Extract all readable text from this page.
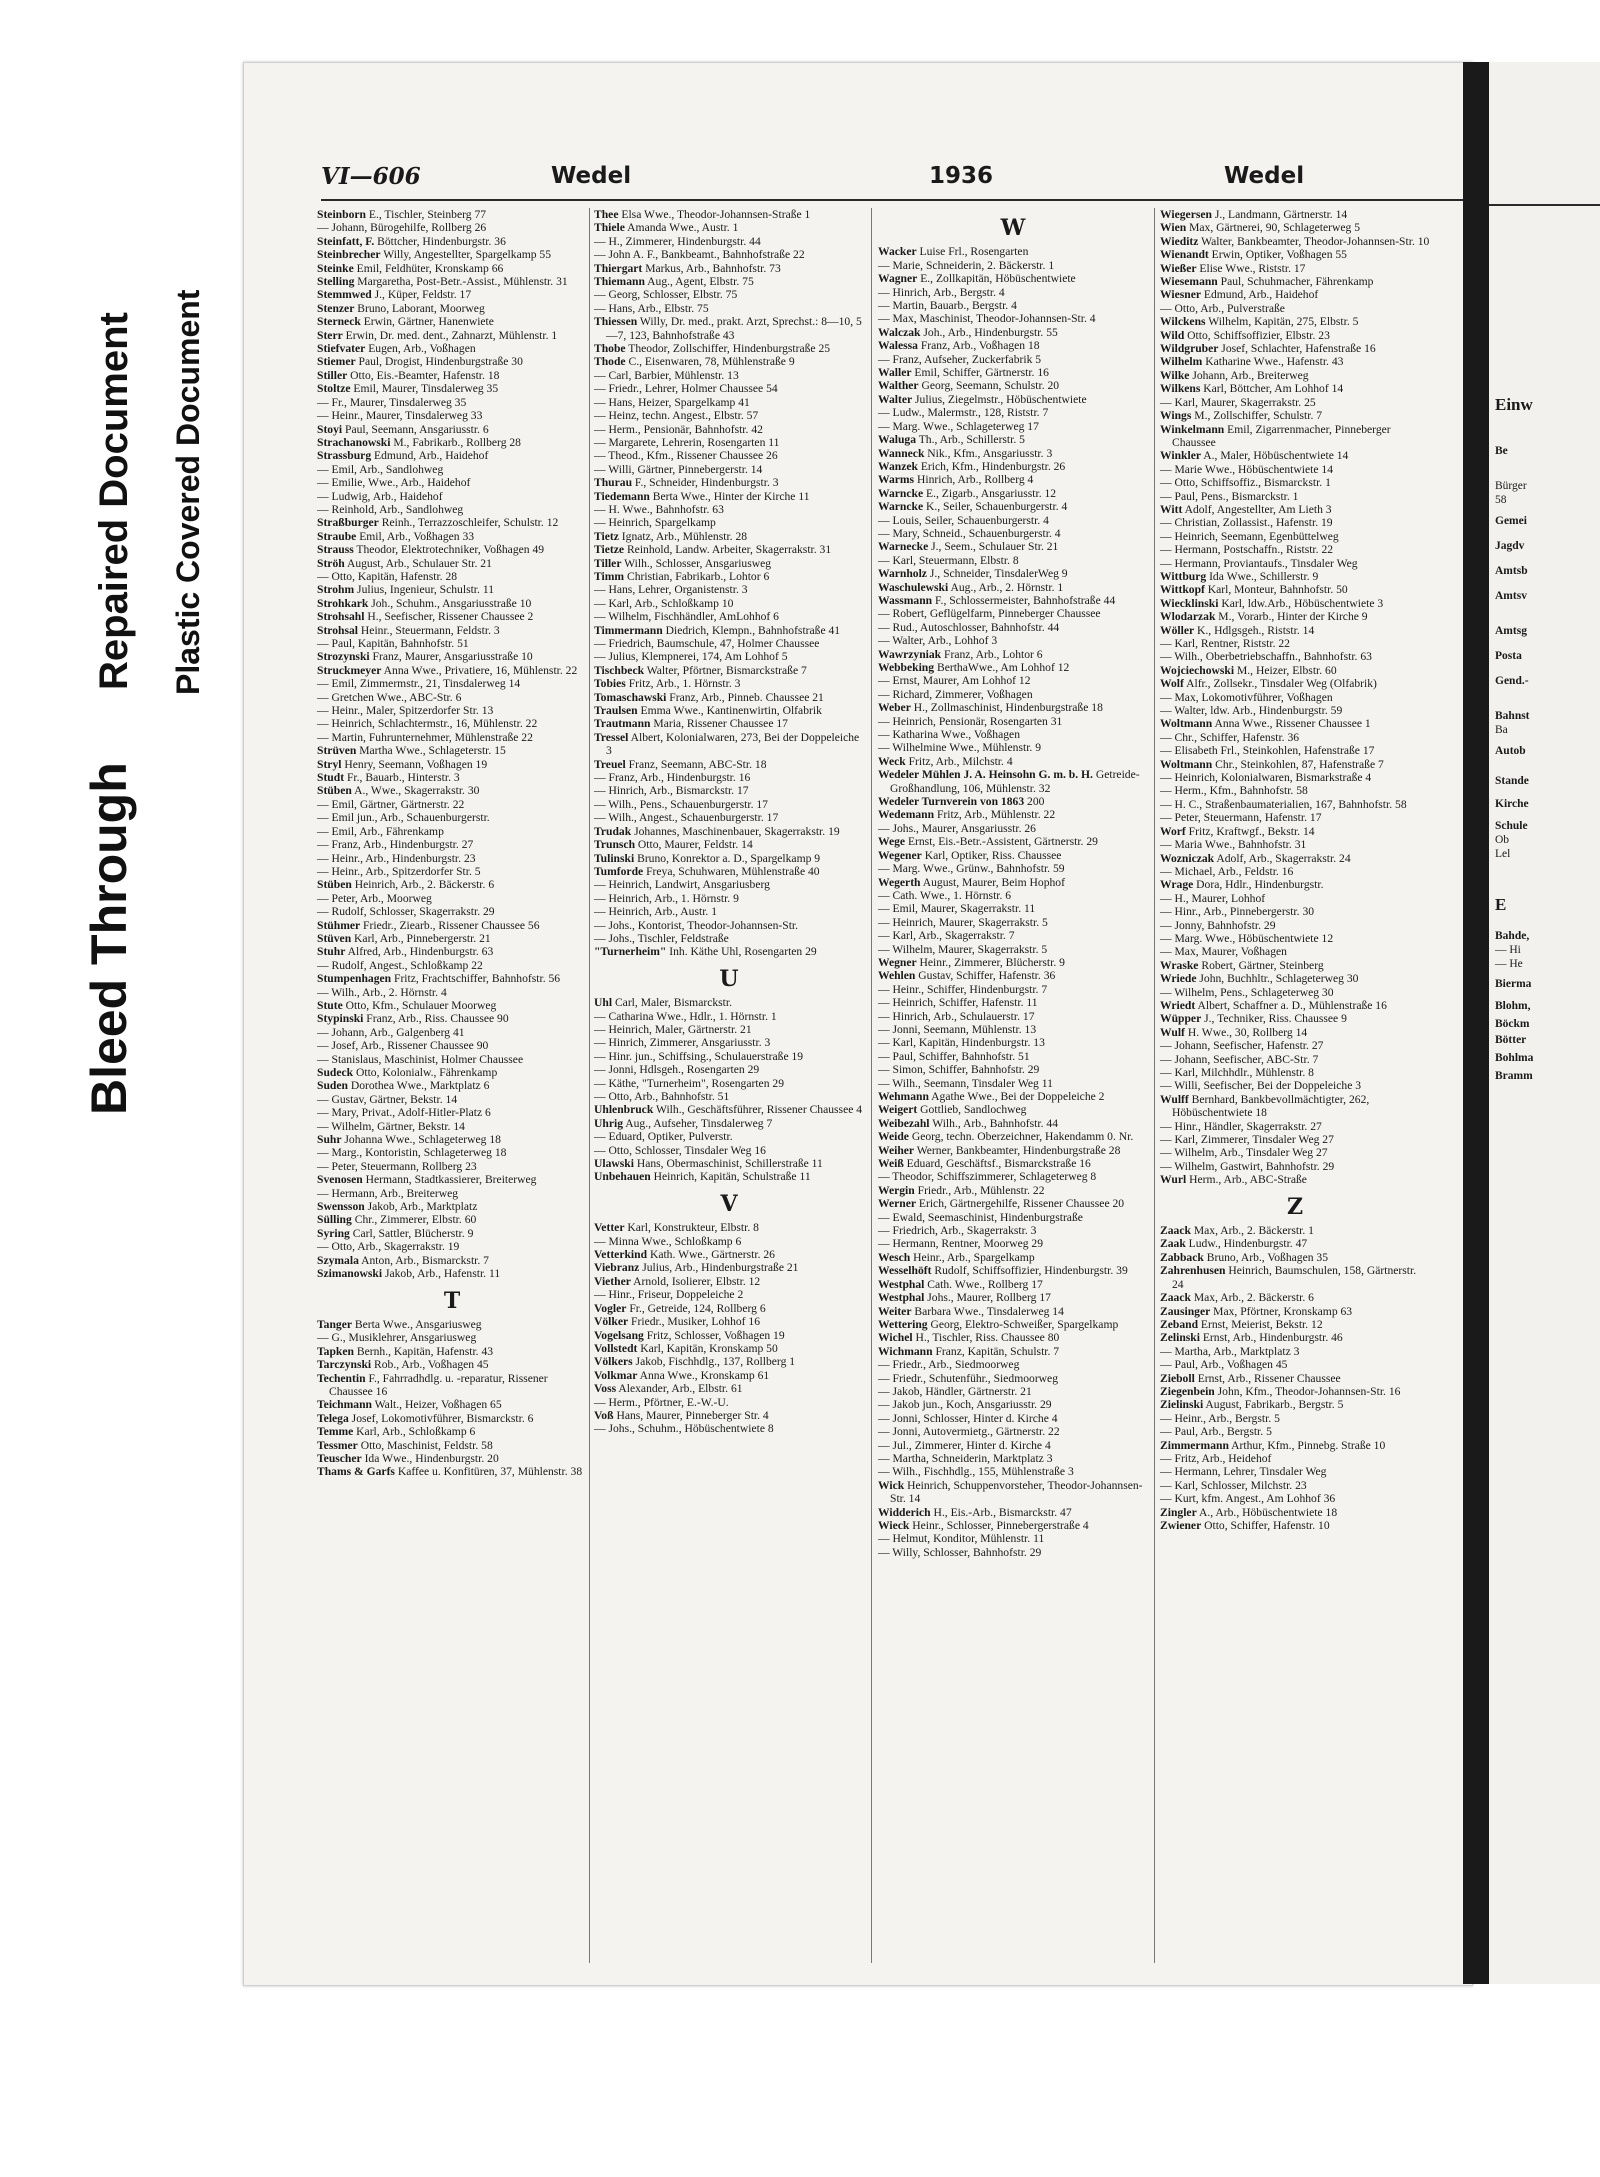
Bleed Through
Repaired Document Plastic Covered Document
VI—606	Wedel	1936	Wedel

Steinborn E., Tischler, Steinberg 77

— Johann, Bürogehilfe, Rollberg 26

Steinfatt, F. Böttcher, Hindenburgstr. 36

Steinbrecher Willy, Angestellter, Spargelkamp 55

Steinke Emil, Feldhüter, Kronskamp 66

Stelling Margaretha, Post-Betr.-Assist., Mühlenstr. 31

Stemmwed J., Küper, Feldstr. 17

Stenzer Bruno, Laborant, Moorweg

Sterneck Erwin, Gärtner, Hanenwiete

Sterr Erwin, Dr. med. dent., Zahnarzt, Mühlenstr. 1

Stiefvater Eugen, Arb., Voßhagen

Stiemer Paul, Drogist, Hindenburgstraße 30

Stiller Otto, Eis.-Beamter, Hafenstr. 18

Stoltze Emil, Maurer, Tinsdalerweg 35

— Fr., Maurer, Tinsdalerweg 35

— Heinr., Maurer, Tinsdalerweg 33

Stoyi Paul, Seemann, Ansgariusstr. 6

Strachanowski M., Fabrikarb., Rollberg 28

Strassburg Edmund, Arb., Haidehof

— Emil, Arb., Sandlohweg

— Emilie, Wwe., Arb., Haidehof

— Ludwig, Arb., Haidehof

— Reinhold, Arb., Sandlohweg

Straßburger Reinh., Terrazzoschleifer, Schulstr. 12

Straube Emil, Arb., Voßhagen 33

Strauss Theodor, Elektrotechniker, Voßhagen 49

Ströh August, Arb., Schulauer Str. 21

— Otto, Kapitän, Hafenstr. 28

Strohm Julius, Ingenieur, Schulstr. 11

Strohkark Joh., Schuhm., Ansgariusstraße 10

Strohsahl H., Seefischer, Rissener Chaussee 2

Strohsal Heinr., Steuermann, Feldstr. 3

— Paul, Kapitän, Bahnhofstr. 51

Strozynski Franz, Maurer, Ansgariusstraße 10

Struckmeyer Anna Wwe., Privatiere, 16, Mühlenstr. 22

— Emil, Zimmermstr., 21, Tinsdalerweg 14

— Gretchen Wwe., ABC-Str. 6

— Heinr., Maler, Spitzerdorfer Str. 13

— Heinrich, Schlachtermstr., 16, Mühlenstr. 22

— Martin, Fuhrunternehmer, Mühlenstraße 22

Strüven Martha Wwe., Schlageterstr. 15

Stryl Henry, Seemann, Voßhagen 19

Studt Fr., Bauarb., Hinterstr. 3

Stüben A., Wwe., Skagerrakstr. 30

— Emil, Gärtner, Gärtnerstr. 22

— Emil jun., Arb., Schauenburgerstr.

— Emil, Arb., Fährenkamp

— Franz, Arb., Hindenburgstr. 27

— Heinr., Arb., Hindenburgstr. 23

— Heinr., Arb., Spitzerdorfer Str. 5

Stüben Heinrich, Arb., 2. Bäckerstr. 6

— Peter, Arb., Moorweg

— Rudolf, Schlosser, Skagerrakstr. 29

Stühmer Friedr., Ziearb., Rissener Chaussee 56

Stüven Karl, Arb., Pinnebergerstr. 21

Stuhr Alfred, Arb., Hindenburgstr. 63

— Rudolf, Angest., Schloßkamp 22

Stumpenhagen Fritz, Frachtschiffer, Bahnhofstr. 56

— Wilh., Arb., 2. Hörnstr. 4

Stute Otto, Kfm., Schulauer Moorweg

Stypinski Franz, Arb., Riss. Chaussee 90

— Johann, Arb., Galgenberg 41

— Josef, Arb., Rissener Chaussee 90

— Stanislaus, Maschinist, Holmer Chaussee

Sudeck Otto, Kolonialw., Fährenkamp

Suden Dorothea Wwe., Marktplatz 6

— Gustav, Gärtner, Bekstr. 14

— Mary, Privat., Adolf-Hitler-Platz 6

— Wilhelm, Gärtner, Bekstr. 14

Suhr Johanna Wwe., Schlageterweg 18

— Marg., Kontoristin, Schlageterweg 18

— Peter, Steuermann, Rollberg 23

Svenosen Hermann, Stadtkassierer, Breiterweg

— Hermann, Arb., Breiterweg

Swensson Jakob, Arb., Marktplatz

Sülling Chr., Zimmerer, Elbstr. 60

Syring Carl, Sattler, Blücherstr. 9

— Otto, Arb., Skagerrakstr. 19

Szymala Anton, Arb., Bismarckstr. 7

Szimanowski Jakob, Arb., Hafenstr. 11

T

Tanger Berta Wwe., Ansgariusweg

— G., Musiklehrer, Ansgariusweg

Tapken Bernh., Kapitän, Hafenstr. 43

Tarczynski Rob., Arb., Voßhagen 45

Techentin F., Fahrradhdlg. u. -reparatur, Rissener Chaussee 16

Teichmann Walt., Heizer, Voßhagen 65

Telega Josef, Lokomotivführer, Bismarckstr. 6

Temme Karl, Arb., Schloßkamp 6

Tessmer Otto, Maschinist, Feldstr. 58

Teuscher Ida Wwe., Hindenburgstr. 20

Thams & Garfs Kaffee u. Konfitüren, 37, Mühlenstr. 38

Thee Elsa Wwe., Theodor-Johannsen-Straße 1

Thiele Amanda Wwe., Austr. 1

— H., Zimmerer, Hindenburgstr. 44

— John A. F., Bankbeamt., Bahnhofstraße 22

Thiergart Markus, Arb., Bahnhofstr. 73

Thiemann Aug., Agent, Elbstr. 75

— Georg, Schlosser, Elbstr. 75

— Hans, Arb., Elbstr. 75

Thiessen Willy, Dr. med., prakt. Arzt, Sprechst.: 8—10, 5—7, 123, Bahnhofstraße 43

Thobe Theodor, Zollschiffer, Hindenburgstraße 25

Thode C., Eisenwaren, 78, Mühlenstraße 9

— Carl, Barbier, Mühlenstr. 13

— Friedr., Lehrer, Holmer Chaussee 54

— Hans, Heizer, Spargelkamp 41

— Heinz, techn. Angest., Elbstr. 57

— Herm., Pensionär, Bahnhofstr. 42

— Margarete, Lehrerin, Rosengarten 11

— Theod., Kfm., Rissener Chaussee 26

— Willi, Gärtner, Pinnebergerstr. 14

Thurau F., Schneider, Hindenburgstr. 3

Tiedemann Berta Wwe., Hinter der Kirche 11

— H. Wwe., Bahnhofstr. 63

— Heinrich, Spargelkamp

Tietz Ignatz, Arb., Mühlenstr. 28

Tietze Reinhold, Landw. Arbeiter, Skagerrakstr. 31

Tiller Wilh., Schlosser, Ansgariusweg

Timm Christian, Fabrikarb., Lohtor 6

— Hans, Lehrer, Organistenstr. 3

— Karl, Arb., Schloßkamp 10

— Wilhelm, Fischhändler, AmLohhof 6

Timmermann Diedrich, Klempn., Bahnhofstraße 41

— Friedrich, Baumschule, 47, Holmer Chaussee

— Julius, Klempnerei, 174, Am Lohhof 5

Tischbeck Walter, Pförtner, Bismarckstraße 7

Tobies Fritz, Arb., 1. Hörnstr. 3

Tomaschawski Franz, Arb., Pinneb. Chaussee 21

Traulsen Emma Wwe., Kantinenwirtin, Olfabrik

Trautmann Maria, Rissener Chaussee 17

Tressel Albert, Kolonialwaren, 273, Bei der Doppeleiche 3

Treuel Franz, Seemann, ABC-Str. 18

— Franz, Arb., Hindenburgstr. 16

— Hinrich, Arb., Bismarckstr. 17

— Wilh., Pens., Schauenburgerstr. 17

— Wilh., Angest., Schauenburgerstr. 17

Trudak Johannes, Maschinenbauer, Skagerrakstr. 19

Trunsch Otto, Maurer, Feldstr. 14

Tulinski Bruno, Konrektor a. D., Spargelkamp 9

Tumforde Freya, Schuhwaren, Mühlenstraße 40

— Heinrich, Landwirt, Ansgariusberg

— Heinrich, Arb., 1. Hörnstr. 9

— Heinrich, Arb., Austr. 1

— Johs., Kontorist, Theodor-Johannsen-Str.

— Johs., Tischler, Feldstraße

"Turnerheim" Inh. Käthe Uhl, Rosengarten 29

U

Uhl Carl, Maler, Bismarckstr.

— Catharina Wwe., Hdlr., 1. Hörnstr. 1

— Heinrich, Maler, Gärtnerstr. 21

— Hinrich, Zimmerer, Ansgariusstr. 3

— Hinr. jun., Schiffsing., Schulauerstraße 19

— Jonni, Hdlsgeh., Rosengarten 29

— Käthe, "Turnerheim", Rosengarten 29

— Otto, Arb., Bahnhofstr. 51

Uhlenbruck Wilh., Geschäftsführer, Rissener Chaussee 4

Uhrig Aug., Aufseher, Tinsdalerweg 7

— Eduard, Optiker, Pulverstr.

— Otto, Schlosser, Tinsdaler Weg 16

Ulawski Hans, Obermaschinist, Schillerstraße 11

Unbehauen Heinrich, Kapitän, Schulstraße 11

V

Vetter Karl, Konstrukteur, Elbstr. 8

— Minna Wwe., Schloßkamp 6

Vetterkind Kath. Wwe., Gärtnerstr. 26

Viebranz Julius, Arb., Hindenburgstraße 21

Viether Arnold, Isolierer, Elbstr. 12

— Hinr., Friseur, Doppeleiche 2

Vogler Fr., Getreide, 124, Rollberg 6

Völker Friedr., Musiker, Lohhof 16

Vogelsang Fritz, Schlosser, Voßhagen 19

Vollstedt Karl, Kapitän, Kronskamp 50

Völkers Jakob, Fischhdlg., 137, Rollberg 1

Volkmar Anna Wwe., Kronskamp 61

Voss Alexander, Arb., Elbstr. 61

— Herm., Pförtner, E.-W.-U.

Voß Hans, Maurer, Pinneberger Str. 4

— Johs., Schuhm., Höbüschentwiete 8

W

Wacker Luise Frl., Rosengarten

— Marie, Schneiderin, 2. Bäckerstr. 1

Wagner E., Zollkapitän, Höbüschentwiete

— Hinrich, Arb., Bergstr. 4

— Martin, Bauarb., Bergstr. 4

— Max, Maschinist, Theodor-Johannsen-Str. 4

Walczak Joh., Arb., Hindenburgstr. 55

Walessa Franz, Arb., Voßhagen 18

— Franz, Aufseher, Zuckerfabrik 5

Waller Emil, Schiffer, Gärtnerstr. 16

Walther Georg, Seemann, Schulstr. 20

Walter Julius, Ziegelmstr., Höbüschentwiete

— Ludw., Malermstr., 128, Riststr. 7

— Marg. Wwe., Schlageterweg 17

Waluga Th., Arb., Schillerstr. 5

Wanneck Nik., Kfm., Ansgariusstr. 3

Wanzek Erich, Kfm., Hindenburgstr. 26

Warms Hinrich, Arb., Rollberg 4

Warncke E., Zigarb., Ansgariusstr. 12

Warncke K., Seiler, Schauenburgerstr. 4

— Louis, Seiler, Schauenburgerstr. 4

— Mary, Schneid., Schauenburgerstr. 4

Warnecke J., Seem., Schulauer Str. 21

— Karl, Steuermann, Elbstr. 8

Warnholz J., Schneider, TinsdalerWeg 9

Waschulewski Aug., Arb., 2. Hörnstr. 1

Wassmann F., Schlossermeister, Bahnhofstraße 44

— Robert, Geflügelfarm, Pinneberger Chaussee

— Rud., Autoschlosser, Bahnhofstr. 44

— Walter, Arb., Lohhof 3

Wawrzyniak Franz, Arb., Lohtor 6

Webbeking BerthaWwe., Am Lohhof 12

— Ernst, Maurer, Am Lohhof 12

— Richard, Zimmerer, Voßhagen

Weber H., Zollmaschinist, Hindenburgstraße 18

— Heinrich, Pensionär, Rosengarten 31

— Katharina Wwe., Voßhagen

— Wilhelmine Wwe., Mühlenstr. 9

Weck Fritz, Arb., Milchstr. 4

Wedeler Mühlen J. A. Heinsohn G. m. b. H. Getreide-Großhandlung, 106, Mühlenstr. 32

Wedeler Turnverein von 1863 200

Wedemann Fritz, Arb., Mühlenstr. 22

— Johs., Maurer, Ansgariusstr. 26

Wege Ernst, Eis.-Betr.-Assistent, Gärtnerstr. 29

Wegener Karl, Optiker, Riss. Chaussee

— Marg. Wwe., Grünw., Bahnhofstr. 59

Wegerth August, Maurer, Beim Hophof

— Cath. Wwe., 1. Hörnstr. 6

— Emil, Maurer, Skagerrakstr. 11

— Heinrich, Maurer, Skagerrakstr. 5

— Karl, Arb., Skagerrakstr. 7

— Wilhelm, Maurer, Skagerrakstr. 5

Wegner Heinr., Zimmerer, Blücherstr. 9

Wehlen Gustav, Schiffer, Hafenstr. 36

— Heinr., Schiffer, Hindenburgstr. 7

— Heinrich, Schiffer, Hafenstr. 11

— Hinrich, Arb., Schulauerstr. 17

— Jonni, Seemann, Mühlenstr. 13

— Karl, Kapitän, Hindenburgstr. 13

— Paul, Schiffer, Bahnhofstr. 51

— Simon, Schiffer, Bahnhofstr. 29

— Wilh., Seemann, Tinsdaler Weg 11

Wehmann Agathe Wwe., Bei der Doppeleiche 2

Weigert Gottlieb, Sandlochweg

Weibezahl Wilh., Arb., Bahnhofstr. 44

Weide Georg, techn. Oberzeichner, Hakendamm 0. Nr.

Weiher Werner, Bankbeamter, Hindenburgstraße 28

Weiß Eduard, Geschäftsf., Bismarckstraße 16

— Theodor, Schiffszimmerer, Schlageterweg 8

Wergin Friedr., Arb., Mühlenstr. 22

Werner Erich, Gärtnergehilfe, Rissener Chaussee 20

— Ewald, Seemaschinist, Hindenburgstraße

— Friedrich, Arb., Skagerrakstr. 3

— Hermann, Rentner, Moorweg 29

Wesch Heinr., Arb., Spargelkamp

Wesselhöft Rudolf, Schiffsoffizier, Hindenburgstr. 39

Westphal Cath. Wwe., Rollberg 17

Westphal Johs., Maurer, Rollberg 17

Weiter Barbara Wwe., Tinsdalerweg 14

Wettering Georg, Elektro-Schweißer, Spargelkamp

Wichel H., Tischler, Riss. Chaussee 80

Wichmann Franz, Kapitän, Schulstr. 7

— Friedr., Arb., Siedmoorweg

— Friedr., Schutenführ., Siedmoorweg

— Jakob, Händler, Gärtnerstr. 21

— Jakob jun., Koch, Ansgariusstr. 29

— Jonni, Schlosser, Hinter d. Kirche 4

— Jonni, Autovermietg., Gärtnerstr. 22

— Jul., Zimmerer, Hinter d. Kirche 4

— Martha, Schneiderin, Marktplatz 3

— Wilh., Fischhdlg., 155, Mühlenstraße 3

Wick Heinrich, Schuppenvorsteher, Theodor-Johannsen-Str. 14

Widderich H., Eis.-Arb., Bismarckstr. 47

Wieck Heinr., Schlosser, Pinnebergerstraße 4

— Helmut, Konditor, Mühlenstr. 11

— Willy, Schlosser, Bahnhofstr. 29

Wiegersen J., Landmann, Gärtnerstr. 14

Wien Max, Gärtnerei, 90, Schlageterweg 5

Wieditz Walter, Bankbeamter, Theodor-Johannsen-Str. 10

Wienandt Erwin, Optiker, Voßhagen 55

Wießer Elise Wwe., Riststr. 17

Wiesemann Paul, Schuhmacher, Fährenkamp

Wiesner Edmund, Arb., Haidehof

— Otto, Arb., Pulverstraße

Wilckens Wilhelm, Kapitän, 275, Elbstr. 5

Wild Otto, Schiffsoffizier, Elbstr. 23

Wildgruber Josef, Schlachter, Hafenstraße 16

Wilhelm Katharine Wwe., Hafenstr. 43

Wilke Johann, Arb., Breiterweg

Wilkens Karl, Böttcher, Am Lohhof 14

— Karl, Maurer, Skagerrakstr. 25

Wings M., Zollschiffer, Schulstr. 7

Winkelmann Emil, Zigarrenmacher, Pinneberger Chaussee

Winkler A., Maler, Höbüschentwiete 14

— Marie Wwe., Höbüschentwiete 14

— Otto, Schiffsoffiz., Bismarckstr. 1

— Paul, Pens., Bismarckstr. 1

Witt Adolf, Angestellter, Am Lieth 3

— Christian, Zollassist., Hafenstr. 19

— Heinrich, Seemann, Egenbüttelweg

— Hermann, Postschaffn., Riststr. 22

— Hermann, Proviantaufs., Tinsdaler Weg

Wittburg Ida Wwe., Schillerstr. 9

Wittkopf Karl, Monteur, Bahnhofstr. 50

Wiecklinski Karl, ldw.Arb., Höbüschentwiete 3

Wlodarzak M., Vorarb., Hinter der Kirche 9

Wöller K., Hdlgsgeh., Riststr. 14

— Karl, Rentner, Riststr. 22

— Wilh., Oberbetriebschaffn., Bahnhofstr. 63

Wojciechowski M., Heizer, Elbstr. 60

Wolf Alfr., Zollsekr., Tinsdaler Weg (Olfabrik)

— Max, Lokomotivführer, Voßhagen

— Walter, ldw. Arb., Hindenburgstr. 59

Woltmann Anna Wwe., Rissener Chaussee 1

— Chr., Schiffer, Hafenstr. 36

— Elisabeth Frl., Steinkohlen, Hafenstraße 17

Woltmann Chr., Steinkohlen, 87, Hafenstraße 7

— Heinrich, Kolonialwaren, Bismarkstraße 4

— Herm., Kfm., Bahnhofstr. 58

— H. C., Straßenbaumaterialien, 167, Bahnhofstr. 58

— Peter, Steuermann, Hafenstr. 17

Worf Fritz, Kraftwgf., Bekstr. 14

— Maria Wwe., Bahnhofstr. 31

Wozniczak Adolf, Arb., Skagerrakstr. 24

— Michael, Arb., Feldstr. 16

Wrage Dora, Hdlr., Hindenburgstr.

— H., Maurer, Lohhof

— Hinr., Arb., Pinnebergerstr. 30

— Jonny, Bahnhofstr. 29

— Marg. Wwe., Höbüschentwiete 12

— Max, Maurer, Voßhagen

Wraske Robert, Gärtner, Steinberg

Wriede John, Buchhltr., Schlageterweg 30

— Wilhelm, Pens., Schlageterweg 30

Wriedt Albert, Schaffner a. D., Mühlenstraße 16

Wüpper J., Techniker, Riss. Chaussee 9

Wulf H. Wwe., 30, Rollberg 14

— Johann, Seefischer, Hafenstr. 27

— Johann, Seefischer, ABC-Str. 7

— Karl, Milchhdlr., Mühlenstr. 8

— Willi, Seefischer, Bei der Doppeleiche 3

Wulff Bernhard, Bankbevollmächtigter, 262, Höbüschentwiete 18

— Hinr., Händler, Skagerrakstr. 27

— Karl, Zimmerer, Tinsdaler Weg 27

— Wilhelm, Arb., Tinsdaler Weg 27

— Wilhelm, Gastwirt, Bahnhofstr. 29

Wurl Herm., Arb., ABC-Straße

Z

Zaack Max, Arb., 2. Bäckerstr. 1

Zaak Ludw., Hindenburgstr. 47

Zabback Bruno, Arb., Voßhagen 35

Zahrenhusen Heinrich, Baumschulen, 158, Gärtnerstr. 24

Zaack Max, Arb., 2. Bäckerstr. 6

Zausinger Max, Pförtner, Kronskamp 63

Zeband Ernst, Meierist, Bekstr. 12

Zelinski Ernst, Arb., Hindenburgstr. 46

— Martha, Arb., Marktplatz 3

— Paul, Arb., Voßhagen 45

Zieboll Ernst, Arb., Rissener Chaussee

Ziegenbein John, Kfm., Theodor-Johannsen-Str. 16

Zielinski August, Fabrikarb., Bergstr. 5

— Heinr., Arb., Bergstr. 5

— Paul, Arb., Bergstr. 5

Zimmermann Arthur, Kfm., Pinnebg. Straße 10

— Fritz, Arb., Heidehof

— Hermann, Lehrer, Tinsdaler Weg

— Karl, Schlosser, Milchstr. 23

— Kurt, kfm. Angest., Am Lohhof 36

Zingler A., Arb., Höbüschentwiete 18

Zwiener Otto, Schiffer, Hafenstr. 10

Einw
Be
Bürger
58
Gemei
Jagdv
Amtsb
Amtsv
Amtsg
Posta
Gend.-
Bahnst
Ba
Autob
Stande
Kirche
Schule
Ob
Lel
E
Bahde,
— Hi
— He
Bierma
Blohm,
Böckm
Bötter
Bohlma
Bramm
